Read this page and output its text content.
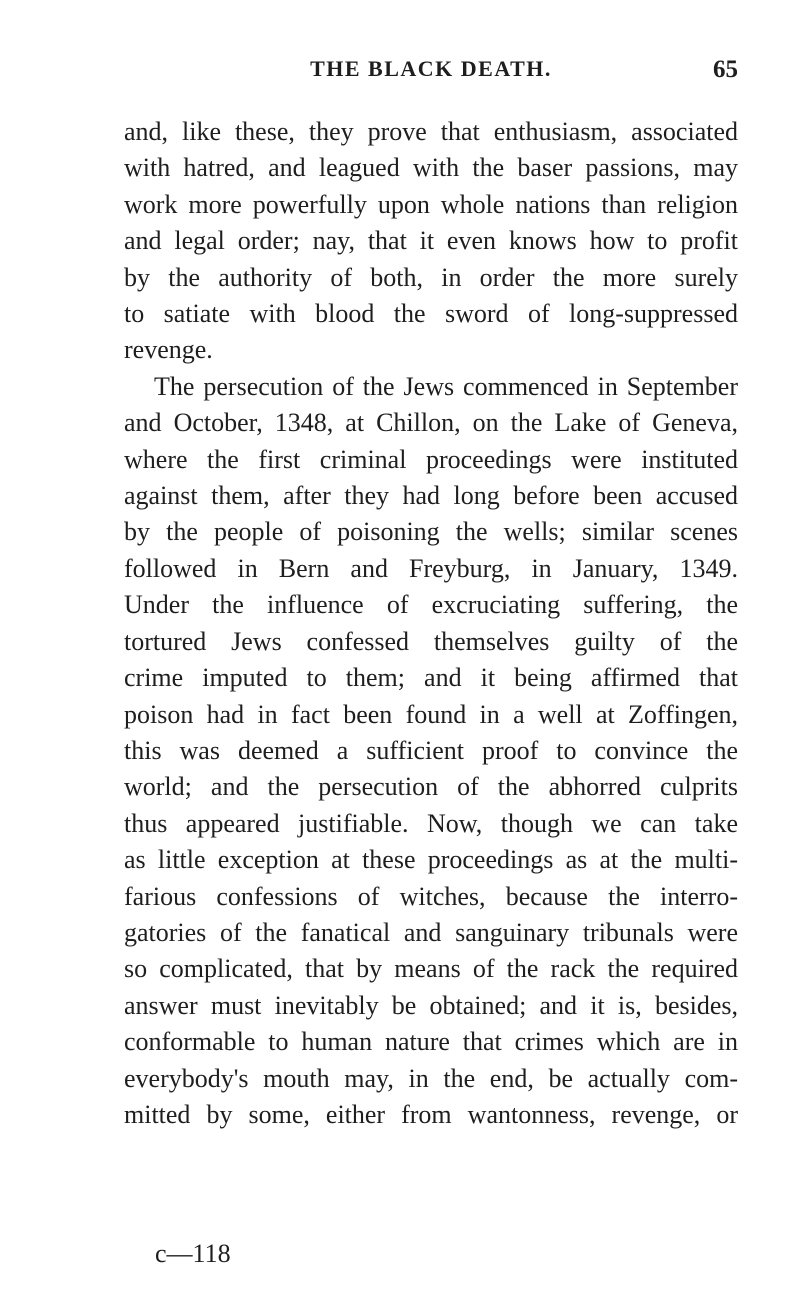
THE BLACK DEATH.	65
and, like these, they prove that enthusiasm, associated
with hatred, and leagued with the baser passions, may
work more powerfully upon whole nations than religion
and legal order; nay, that it even knows how to profit
by the authority of both, in order the more surely
to satiate with blood the sword of long-suppressed
revenge.
The persecution of the Jews commenced in September
and October, 1348, at Chillon, on the Lake of Geneva,
where the first criminal proceedings were instituted
against them, after they had long before been accused
by the people of poisoning the wells; similar scenes
followed in Bern and Freyburg, in January, 1349.
Under the influence of excruciating suffering, the
tortured Jews confessed themselves guilty of the
crime imputed to them; and it being affirmed that
poison had in fact been found in a well at Zoffingen,
this was deemed a sufficient proof to convince the
world; and the persecution of the abhorred culprits
thus appeared justifiable. Now, though we can take
as little exception at these proceedings as at the multi-
farious confessions of witches, because the interro-
gatories of the fanatical and sanguinary tribunals were
so complicated, that by means of the rack the required
answer must inevitably be obtained; and it is, besides,
conformable to human nature that crimes which are in
everybody's mouth may, in the end, be actually com-
mitted by some, either from wantonness, revenge, or
c—118
